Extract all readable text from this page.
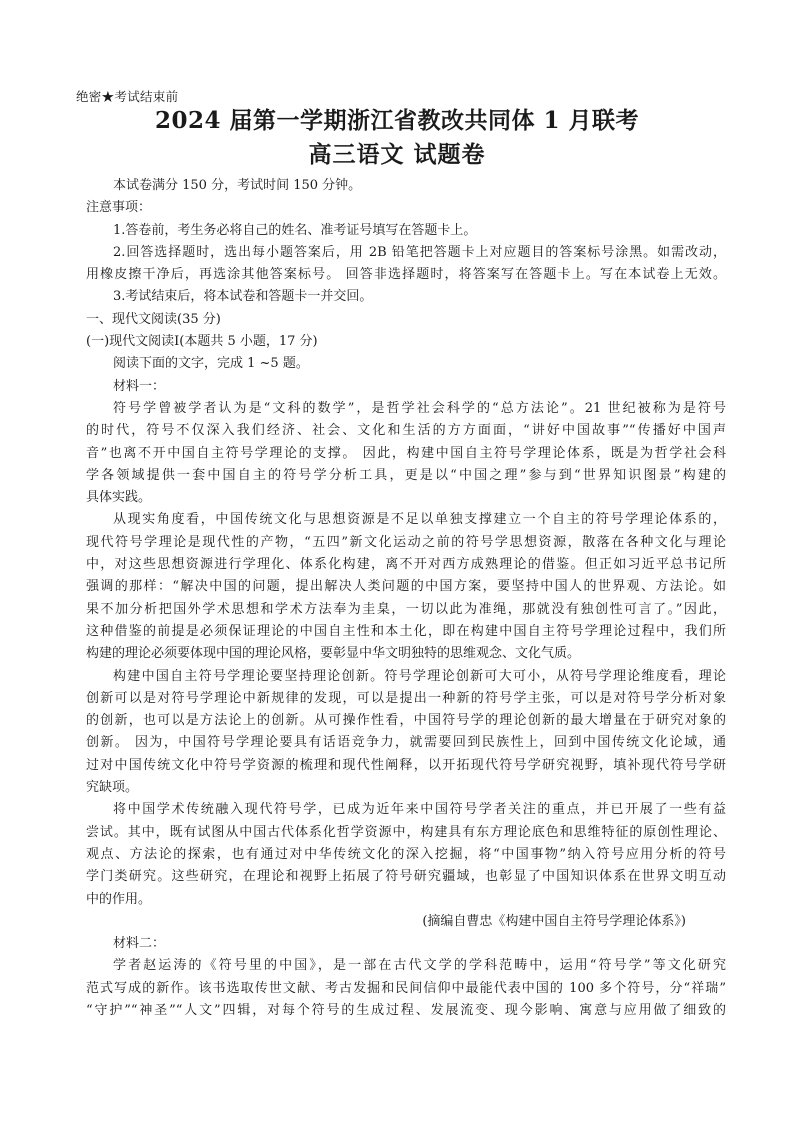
绝密★考试结束前
2024 届第一学期浙江省教改共同体 1 月联考
高三语文 试题卷
本试卷满分 150 分，考试时间 150 分钟。
注意事项：
1.答卷前，考生务必将自己的姓名、准考证号填写在答题卡上。
2.回答选择题时，选出每小题答案后，用 2B 铅笔把答题卡上对应题目的答案标号涂黑。如需改动，
用橡皮擦干净后，再选涂其他答案标号。 回答非选择题时，将答案写在答题卡上。写在本试卷上无效。
3.考试结束后，将本试卷和答题卡一并交回。
一、现代文阅读(35 分)
(一)现代文阅读Ⅰ(本题共 5 小题，17 分)
阅读下面的文字，完成 1 ~5 题。
材料一：
符号学曾被学者认为是“文科的数学”，是哲学社会科学的“总方法论”。21 世纪被称为是符号
的时代，符号不仅深入我们经济、社会、文化和生活的方方面面，“讲好中国故事”“传播好中国声
音”也离不开中国自主符号学理论的支撑。 因此，构建中国自主符号学理论体系，既是为哲学社会科
学各领域提供一套中国自主的符号学分析工具，更是以“中国之理”参与到“世界知识图景”构建的
具体实践。
从现实角度看，中国传统文化与思想资源是不足以单独支撑建立一个自主的符号学理论体系的，
现代符号学理论是现代性的产物，“五四”新文化运动之前的符号学思想资源，散落在各种文化与理论
中，对这些思想资源进行学理化、体系化构建，离不开对西方成熟理论的借鉴。但正如习近平总书记所
强调的那样：“解决中国的问题，提出解决人类问题的中国方案，要坚持中国人的世界观、方法论。如
果不加分析把国外学术思想和学术方法奉为圭臬，一切以此为准绳，那就没有独创性可言了。”因此，
这种借鉴的前提是必须保证理论的中国自主性和本土化，即在构建中国自主符号学理论过程中，我们所
构建的理论必须要体现中国的理论风格，要彰显中华文明独特的思维观念、文化气质。
构建中国自主符号学理论要坚持理论创新。符号学理论创新可大可小，从符号学理论维度看，理论
创新可以是对符号学理论中新规律的发现，可以是提出一种新的符号学主张，可以是对符号学分析对象
的创新，也可以是方法论上的创新。从可操作性看，中国符号学的理论创新的最大增量在于研究对象的
创新。 因为，中国符号学理论要具有话语竞争力，就需要回到民族性上，回到中国传统文化论域，通
过对中国传统文化中符号学资源的梳理和现代性阐释，以开拓现代符号学研究视野，填补现代符号学研
究缺项。
将中国学术传统融入现代符号学，已成为近年来中国符号学者关注的重点，并已开展了一些有益
尝试。其中，既有试图从中国古代体系化哲学资源中，构建具有东方理论底色和思维特征的原创性理论、
观点、方法论的探索，也有通过对中华传统文化的深入挖掘，将“中国事物”纳入符号应用分析的符号
学门类研究。这些研究，在理论和视野上拓展了符号研究疆域，也彰显了中国知识体系在世界文明互动
中的作用。
(摘编自曹忠《构建中国自主符号学理论体系》)
材料二：
学者赵运涛的《符号里的中国》，是一部在古代文学的学科范畴中，运用“符号学”等文化研究
范式写成的新作。该书选取传世文献、考古发掘和民间信仰中最能代表中国的 100 多个符号，分“祥瑞”
“守护”“神圣”“人文”四辑，对每个符号的生成过程、发展流变、现今影响、寓意与应用做了细致的
